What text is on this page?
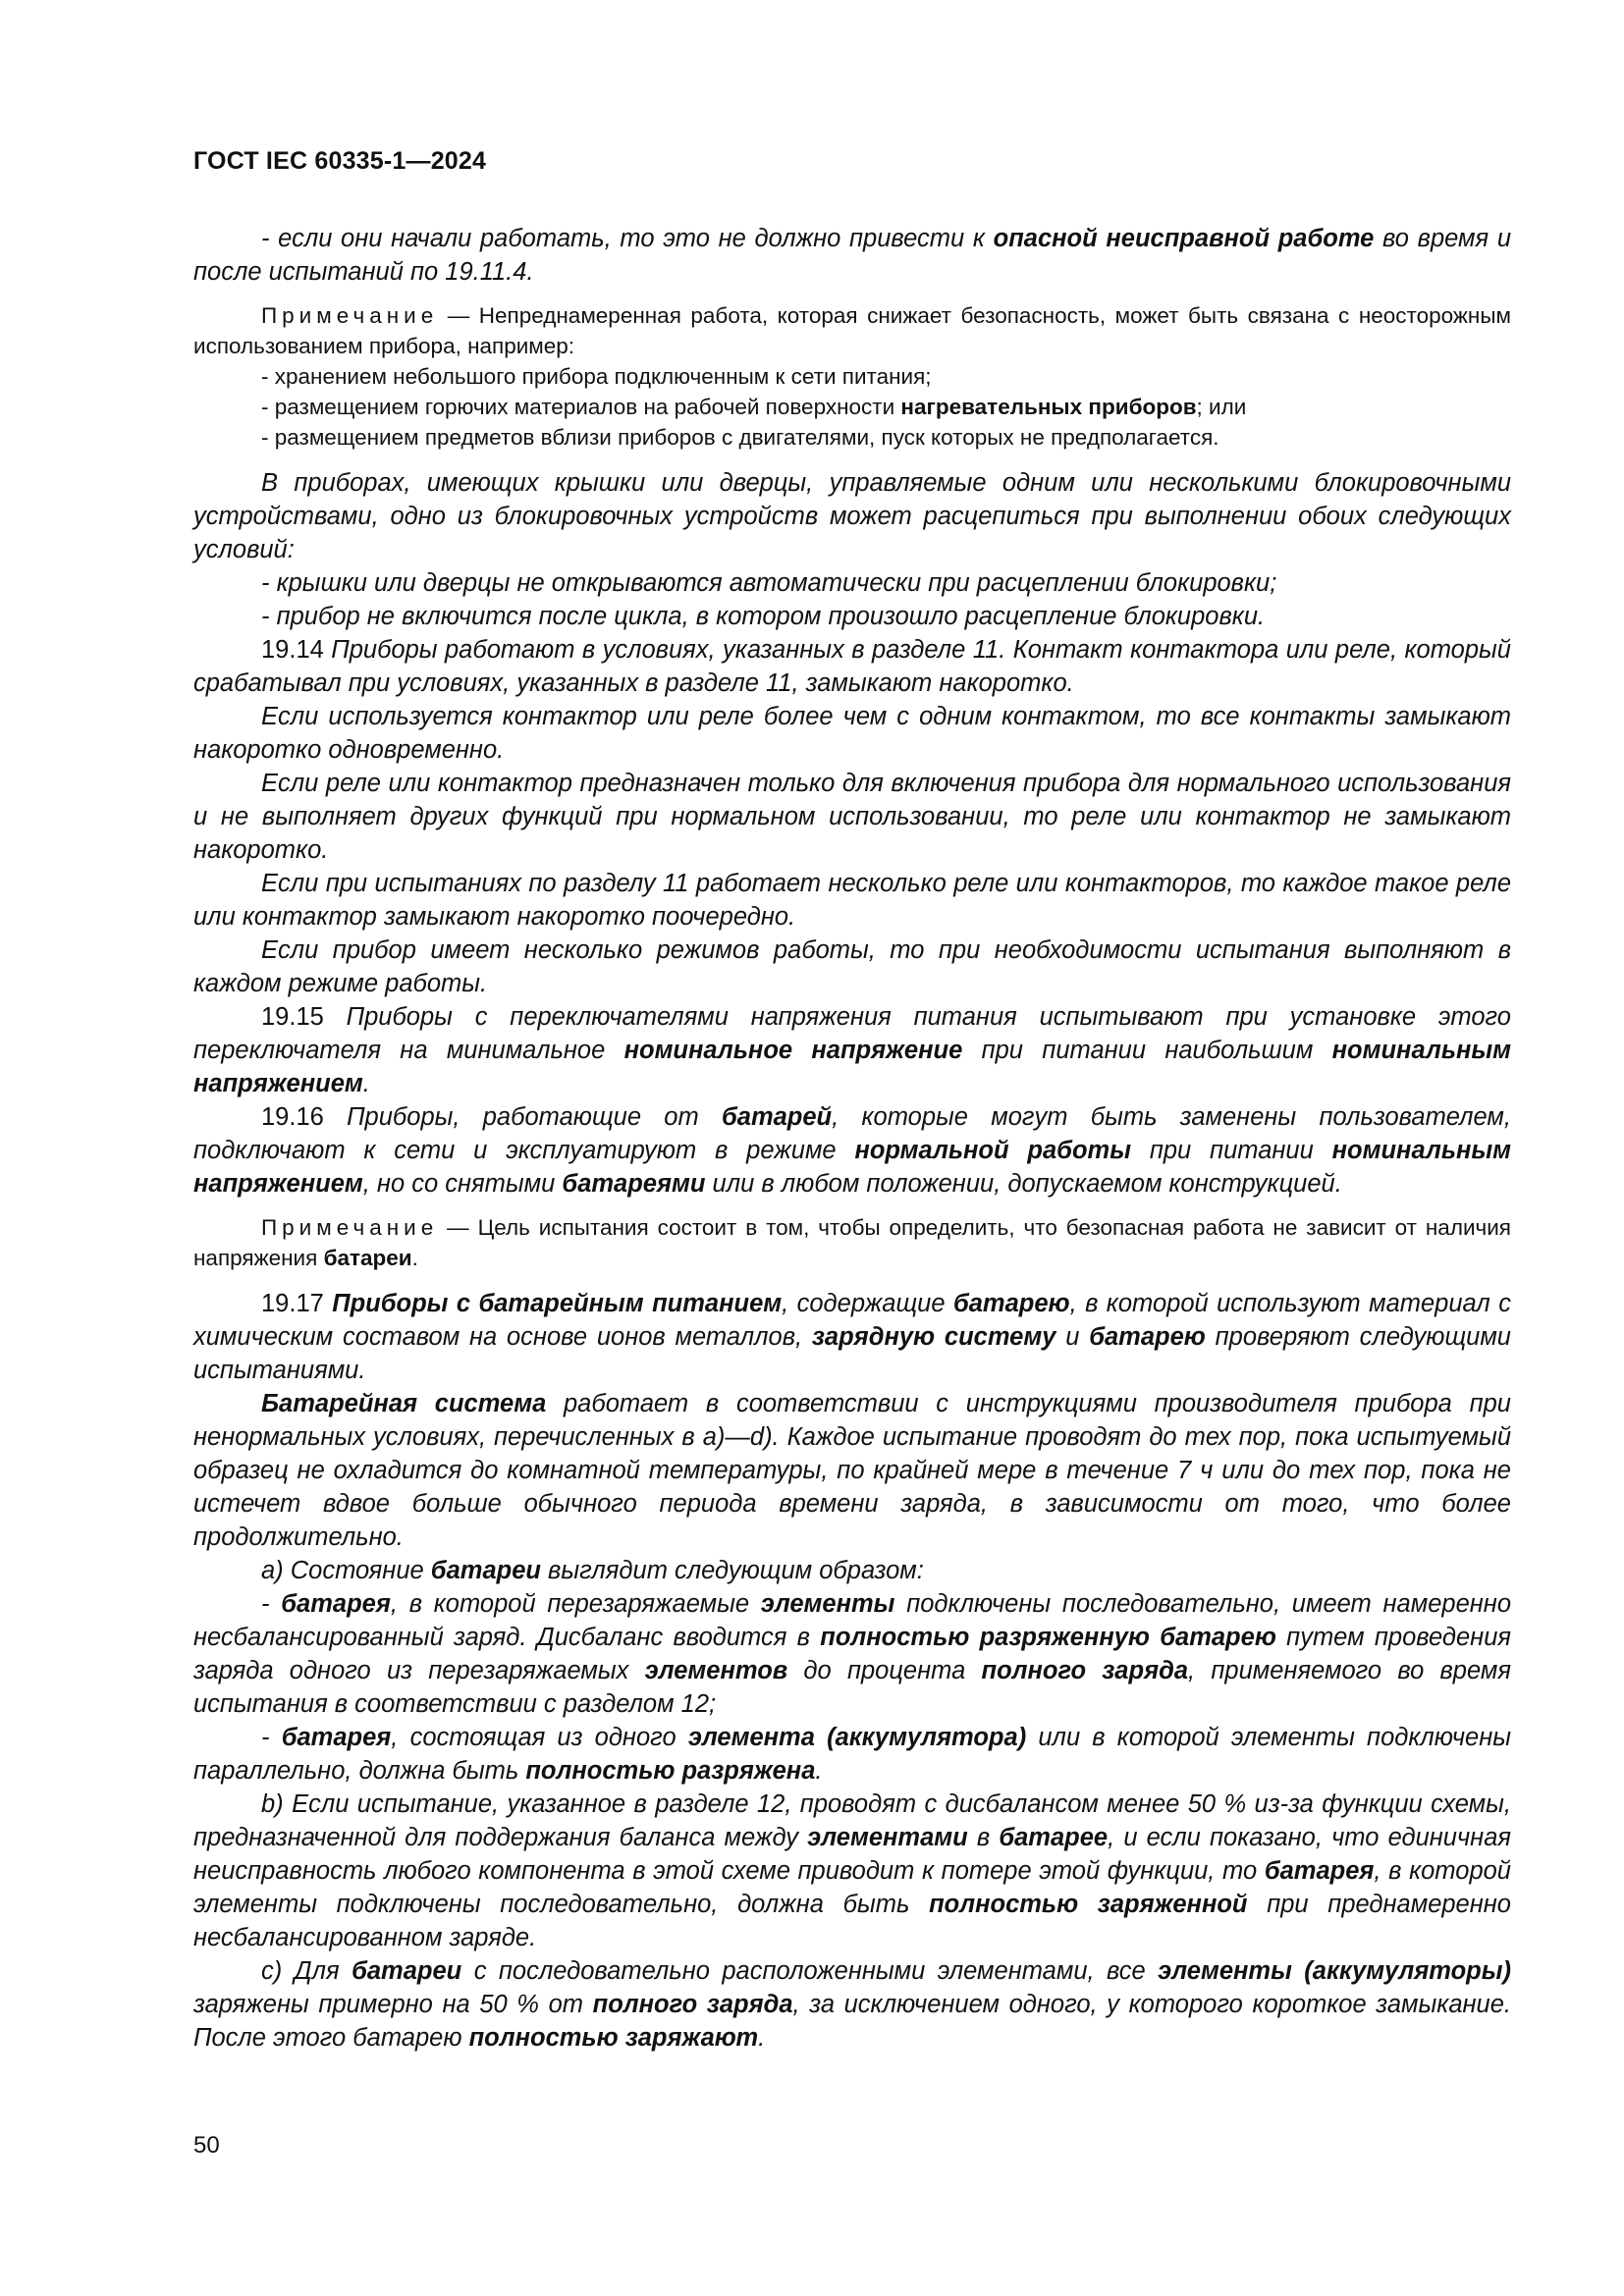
ГОСТ IEC 60335-1—2024

- если они начали работать, то это не должно привести к опасной неисправной работе во время и после испытаний по 19.11.4.

Примечание — Непреднамеренная работа, которая снижает безопасность, может быть связана с неосторожным использованием прибора, например:

- хранением небольшого прибора подключенным к сети питания;

- размещением горючих материалов на рабочей поверхности нагревательных приборов; или

- размещением предметов вблизи приборов с двигателями, пуск которых не предполагается.

В приборах, имеющих крышки или дверцы, управляемые одним или несколькими блокировочными устройствами, одно из блокировочных устройств может расцепиться при выполнении обоих следующих условий:

- крышки или дверцы не открываются автоматически при расцеплении блокировки;

- прибор не включится после цикла, в котором произошло расцепление блокировки.

19.14 Приборы работают в условиях, указанных в разделе 11. Контакт контактора или реле, который срабатывал при условиях, указанных в разделе 11, замыкают накоротко.

Если используется контактор или реле более чем с одним контактом, то все контакты замыкают накоротко одновременно.

Если реле или контактор предназначен только для включения прибора для нормального использования и не выполняет других функций при нормальном использовании, то реле или контактор не замыкают накоротко.

Если при испытаниях по разделу 11 работает несколько реле или контакторов, то каждое такое реле или контактор замыкают накоротко поочередно.

Если прибор имеет несколько режимов работы, то при необходимости испытания выполняют в каждом режиме работы.

19.15 Приборы с переключателями напряжения питания испытывают при установке этого переключателя на минимальное номинальное напряжение при питании наибольшим номинальным напряжением.

19.16 Приборы, работающие от батарей, которые могут быть заменены пользователем, подключают к сети и эксплуатируют в режиме нормальной работы при питании номинальным напряжением, но со снятыми батареями или в любом положении, допускаемом конструкцией.

Примечание — Цель испытания состоит в том, чтобы определить, что безопасная работа не зависит от наличия напряжения батареи.

19.17 Приборы с батарейным питанием, содержащие батарею, в которой используют материал с химическим составом на основе ионов металлов, зарядную систему и батарею проверяют следующими испытаниями.

Батарейная система работает в соответствии с инструкциями производителя прибора при ненормальных условиях, перечисленных в а)—d). Каждое испытание проводят до тех пор, пока испытуемый образец не охладится до комнатной температуры, по крайней мере в течение 7 ч или до тех пор, пока не истечет вдвое больше обычного периода времени заряда, в зависимости от того, что более продолжительно.

а) Состояние батареи выглядит следующим образом:

- батарея, в которой перезаряжаемые элементы подключены последовательно, имеет намеренно несбалансированный заряд. Дисбаланс вводится в полностью разряженную батарею путем проведения заряда одного из перезаряжаемых элементов до процента полного заряда, применяемого во время испытания в соответствии с разделом 12;

- батарея, состоящая из одного элемента (аккумулятора) или в которой элементы подключены параллельно, должна быть полностью разряжена.

b) Если испытание, указанное в разделе 12, проводят с дисбалансом менее 50 % из-за функции схемы, предназначенной для поддержания баланса между элементами в батарее, и если показано, что единичная неисправность любого компонента в этой схеме приводит к потере этой функции, то батарея, в которой элементы подключены последовательно, должна быть полностью заряженной при преднамеренно несбалансированном заряде.

с) Для батареи с последовательно расположенными элементами, все элементы (аккумуляторы) заряжены примерно на 50 % от полного заряда, за исключением одного, у которого короткое замыкание. После этого батарею полностью заряжают.

50
